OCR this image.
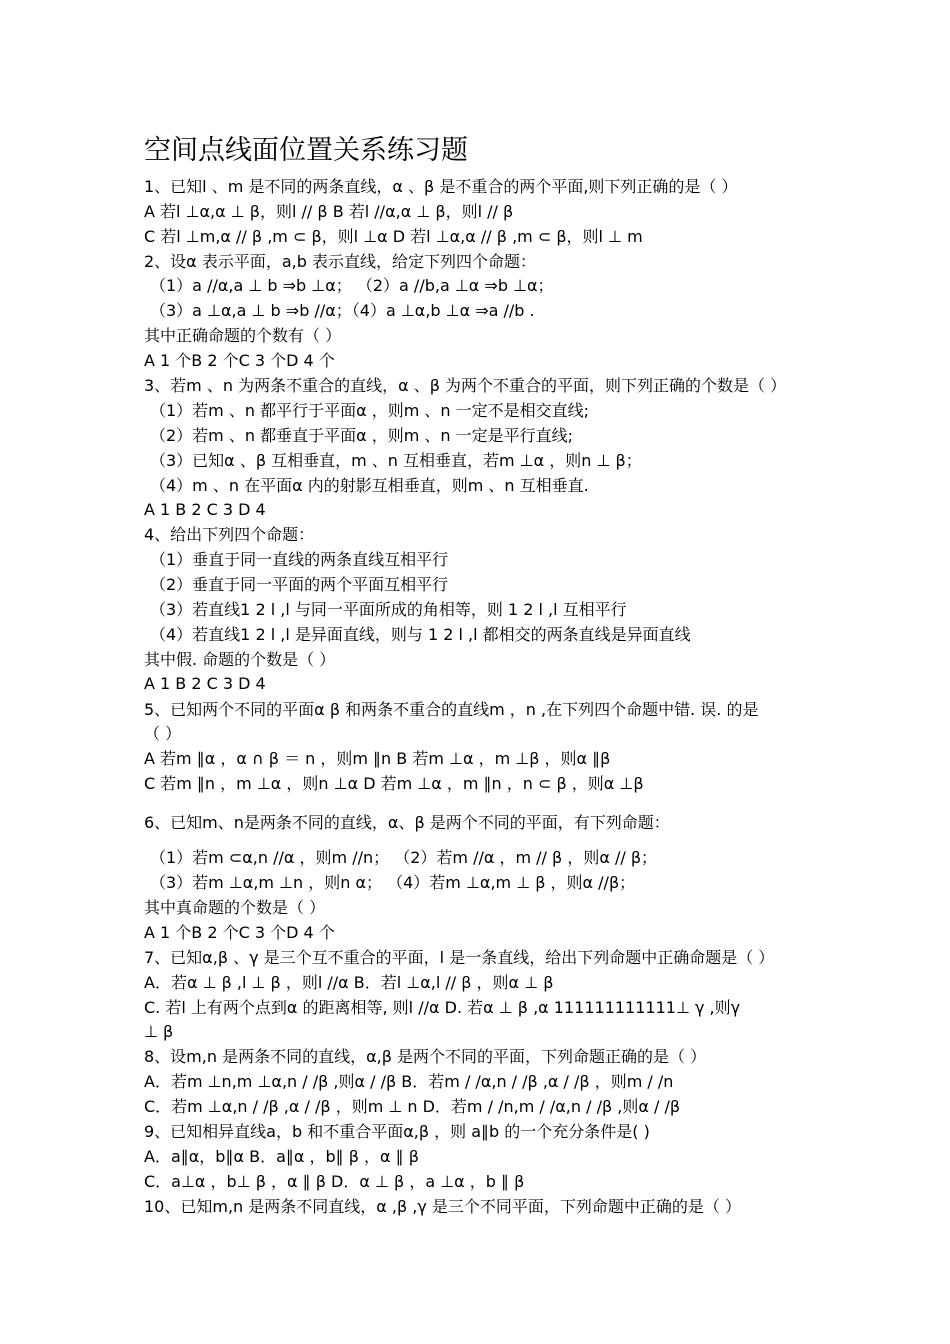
空间点线面位置关系练习题
1、已知l 、m 是不同的两条直线，α 、β 是不重合的两个平面,则下列正确的是（ ）
A 若l ⊥α,α ⊥ β，则l // β B 若l //α,α ⊥ β，则l // β
C 若l ⊥m,α // β ,m ⊂ β，则l ⊥α D 若l ⊥α,α // β ,m ⊂ β，则l ⊥ m
2、设α 表示平面，a,b 表示直线，给定下列四个命题：
（1）a //α,a ⊥ b ⇒b ⊥α； （2）a //b,a ⊥α ⇒b ⊥α；
（3）a ⊥α,a ⊥ b ⇒b //α；（4）a ⊥α,b ⊥α ⇒a //b .
其中正确命题的个数有（ ）
A 1 个B 2 个C 3 个D 4 个
3、若m 、n 为两条不重合的直线，α 、β 为两个不重合的平面，则下列正确的个数是（ ）
（1）若m 、n 都平行于平面α ，则m 、n 一定不是相交直线;
（2）若m 、n 都垂直于平面α ，则m 、n 一定是平行直线;
（3）已知α 、β 互相垂直，m 、n 互相垂直，若m ⊥α ，则n ⊥ β；
（4）m 、n 在平面α 内的射影互相垂直，则m 、n 互相垂直.
A 1 B 2 C 3 D 4
4、给出下列四个命题：
（1）垂直于同一直线的两条直线互相平行
（2）垂直于同一平面的两个平面互相平行
（3）若直线1 2 l ,l 与同一平面所成的角相等，则 1 2 l ,l 互相平行
（4）若直线1 2 l ,l 是异面直线，则与 1 2 l ,l 都相交的两条直线是异面直线
其中假. 命题的个数是（ ）
A 1 B 2 C 3 D 4
5、已知两个不同的平面α β 和两条不重合的直线m ，n ,在下列四个命题中错. 误. 的是
（ ）
A 若m ∥α ，α ∩ β ＝ n ，则m ∥n B 若m ⊥α ，m ⊥β ，则α ∥β
C 若m ∥n ，m ⊥α ，则n ⊥α D 若m ⊥α ，m ∥n ，n ⊂ β ，则α ⊥β
6、已知m、n是两条不同的直线，α、β 是两个不同的平面，有下列命题：
（1）若m ⊂α,n //α ，则m //n； （2）若m //α ，m // β ，则α // β；
（3）若m ⊥α,m ⊥n ，则n α； （4）若m ⊥α,m ⊥ β ，则α //β；
其中真命题的个数是（ ）
A 1 个B 2 个C 3 个D 4 个
7、已知α,β 、γ 是三个互不重合的平面，l 是一条直线，给出下列命题中正确命题是（ ）
A．若α ⊥ β ,l ⊥ β ，则l //α B．若l ⊥α,l // β ，则α ⊥ β
C. 若l 上有两个点到α 的距离相等, 则l //α D. 若α ⊥ β ,α 111111111111⊥ γ ,则γ
⊥ β
8、设m,n 是两条不同的直线，α,β 是两个不同的平面，下列命题正确的是（ ）
A．若m ⊥n,m ⊥α,n / /β ,则α / /β B．若m / /α,n / /β ,α / /β ，则m / /n
C．若m ⊥α,n / /β ,α / /β ，则m ⊥ n D．若m / /n,m / /α,n / /β ,则α / /β
9、已知相异直线a，b 和不重合平面α,β ，则 a∥b 的一个充分条件是( )
A．a∥α，b∥α B．a∥α ，b∥ β ，α ∥ β
C．a⊥α ，b⊥ β ，α ∥ β D．α ⊥ β ，a ⊥α ，b ∥ β
10、已知m,n 是两条不同直线，α ,β ,γ 是三个不同平面，下列命题中正确的是（ ）
